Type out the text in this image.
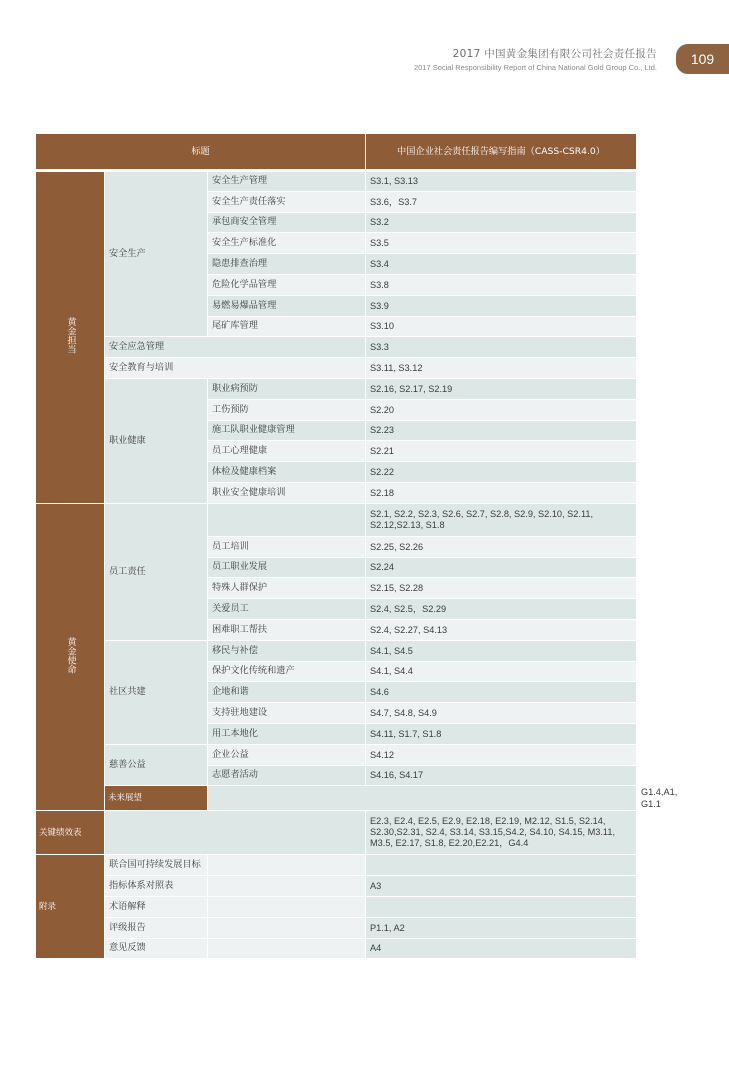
2017 中国黄金集团有限公司社会责任报告
2017 Social Responsibility Report of China National Gold Group Co., Ltd.
109
标题			中国企业社会责任报告编写指南（CASS-CSR4.0）	
黄金担当	安全生产	安全生产管理	S3.1, S3.13	
		安全生产责任落实	S3.6，S3.7	
		承包商安全管理	S3.2	
		安全生产标准化	S3.5	
		隐患排查治理	S3.4	
		危险化学品管理	S3.8	
		易燃易爆品管理	S3.9	
		尾矿库管理	S3.10	
	安全应急管理		S3.3	
	安全教育与培训		S3.11, S3.12	
	职业健康	职业病预防	S2.16, S2.17, S2.19	
		工伤预防	S2.20	
		施工队职业健康管理	S2.23	
		员工心理健康	S2.21	
		体检及健康档案	S2.22	
		职业安全健康培训	S2.18	
黄金使命	员工责任		S2.1, S2.2, S2.3, S2.6, S2.7, S2.8, S2.9, S2.10, S2.11, S2.12,S2.13, S1.8	
		员工培训	S2.25, S2.26	
		员工职业发展	S2.24	
		特殊人群保护	S2.15, S2.28	
		关爱员工	S2.4, S2.5，S2.29	
		困难职工帮扶	S2.4, S2.27, S4.13	
	社区共建	移民与补偿	S4.1, S4.5	
		保护文化传统和遗产	S4.1, S4.4	
		企地和谐	S4.6	
		支持驻地建设	S4.7, S4.8, S4.9	
		用工本地化	S4.11, S1.7, S1.8	
	慈善公益	企业公益	S4.12	
		志愿者活动	S4.16, S4.17	
	未来展望			G1.4,A1, G1.1
关键绩效表			E2.3, E2.4, E2.5, E2.9, E2.18, E2.19, M2.12, S1.5, S2.14, S2.30,S2.31, S2.4, S3.14, S3.15,S4.2, S4.10, S4.15, M3.11, M3.5, E2.17, S1.8, E2.20,E2.21，G4.4	
附录	联合国可持续发展目标			
	指标体系对照表		A3	
	术语解释			
	评级报告		P1.1, A2	
	意见反馈		A4	
